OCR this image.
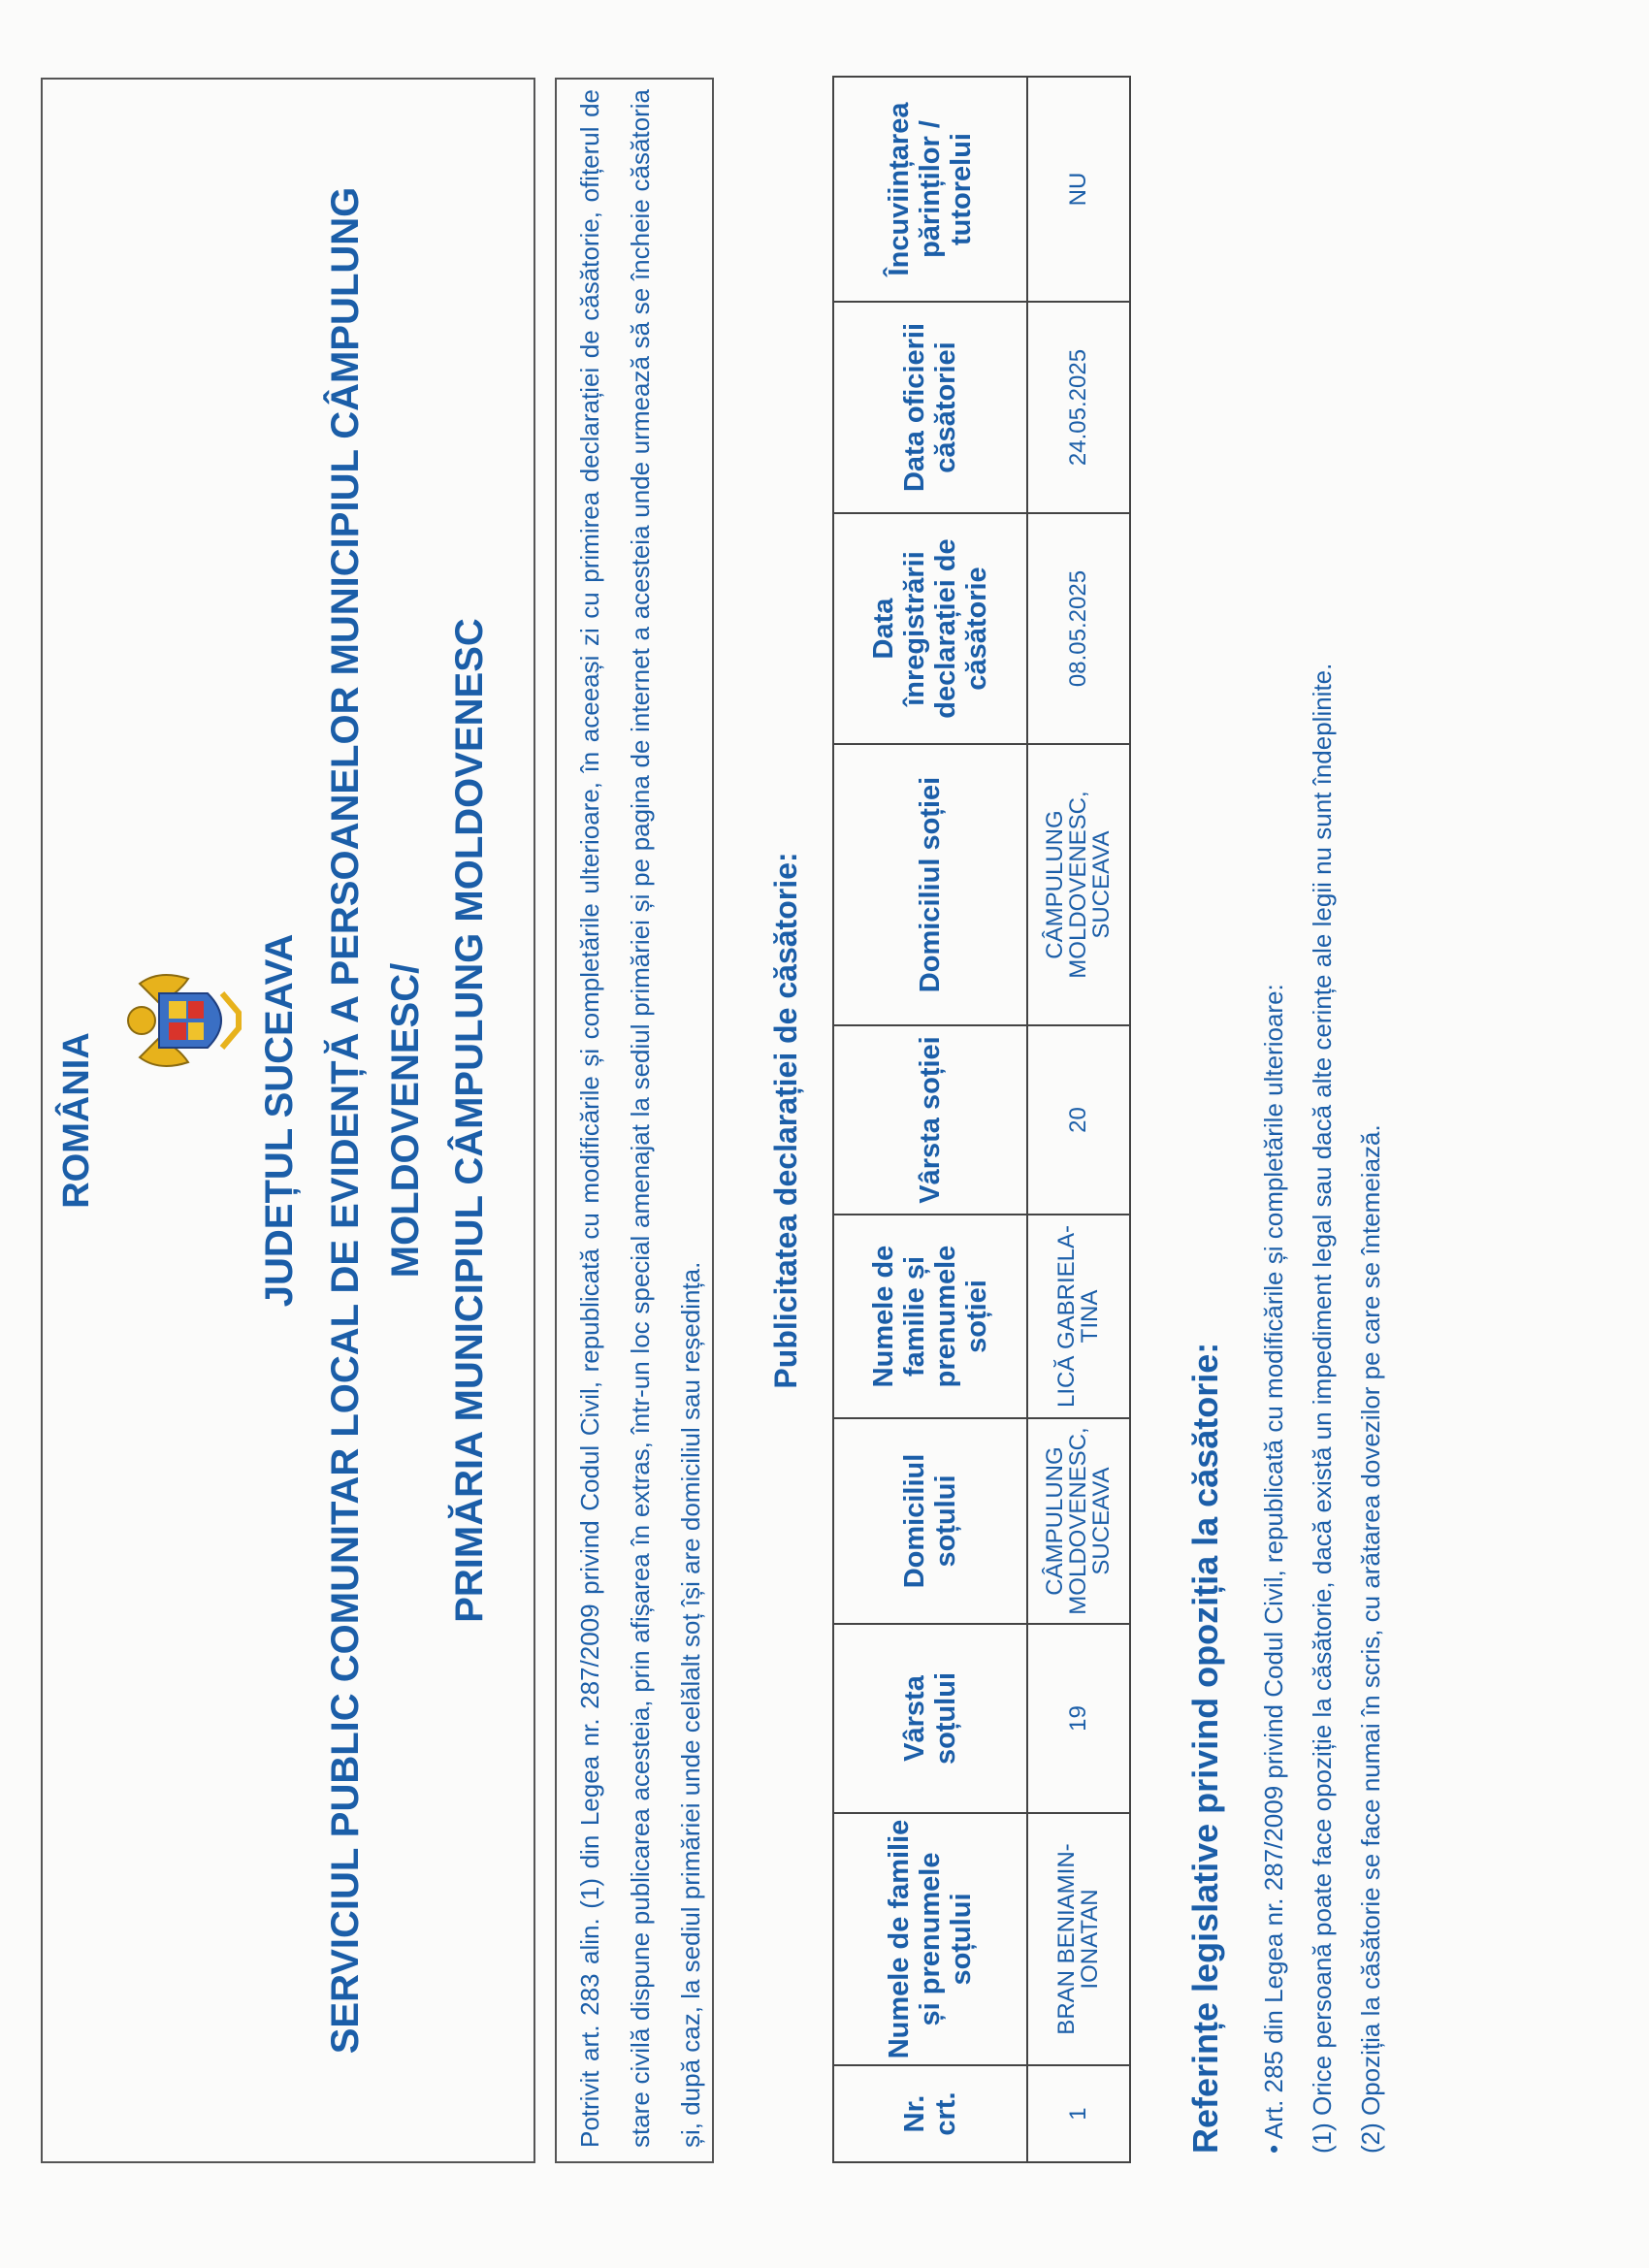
ROMÂNIA	JUDEȚUL SUCEAVA SERVICIUL PUBLIC COMUNITAR LOCAL DE EVIDENȚĂ A PERSOANELOR MUNICIPIUL CÂMPULUNG MOLDOVENESC/ PRIMĂRIA MUNICIPIUL CÂMPULUNG MOLDOVENESC	Potrivit art. 283 alin. (1) din Legea nr. 287/2009 privind Codul Civil, republicată cu modificările și completările ulterioare, în aceeași zi cu primirea declarației de căsătorie, ofițerul de stare civilă dispune publicarea acesteia, prin afișarea în extras, într-un loc special amenajat la sediul primăriei și pe pagina de internet a acesteia unde urmează să se încheie căsătoria și, după caz, la sediul primăriei unde celălalt soț își are domiciliul sau reședința.
Publicitatea declarației de căsătorie:
Nr. crt.	Numele de familie și prenumele soțului	Vârsta soțului	Domiciliul soțului	Numele de familie și prenumele soției	Vârsta soției	Domiciliul soției	Data înregistrării declarației de căsătorie	Data oficierii căsătoriei	Încuviințarea părinților / tutorelui
1	BRAN BENIAMIN-IONATAN	19	CÂMPULUNG MOLDOVENESC, SUCEAVA	LICĂ GABRIELA-TINA	20	CÂMPULUNG MOLDOVENESC, SUCEAVA	08.05.2025	24.05.2025	NU
Referințe legislative privind opoziția la căsătorie:	• Art. 285 din Legea nr. 287/2009 privind Codul Civil, republicată cu modificările și completările ulterioare: (1) Orice persoană poate face opoziție la căsătorie, dacă există un impediment legal sau dacă alte cerințe ale legii nu sunt îndeplinite. (2) Opoziția la căsătorie se face numai în scris, cu arătarea dovezilor pe care se întemeiază.
